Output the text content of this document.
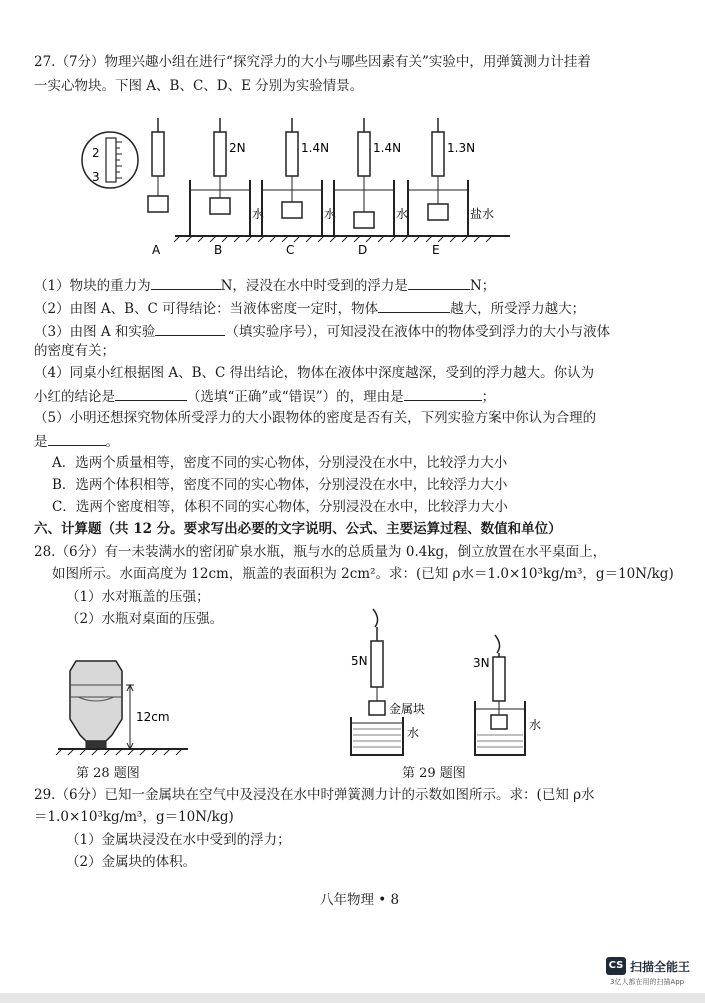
27.（7分）物理兴趣小组在进行“探究浮力的大小与哪些因素有关”实验中，用弹簧测力计挂着
一实心物块。下图 A、B、C、D、E 分别为实验情景。
2
3
A
2N
水
B
1.4N
水
C
1.4N
水
D
1.3N
盐水
E
（1）物块的重力为	N，浸没在水中时受到的浮力是	N；
（2）由图 A、B、C 可得结论：当液体密度一定时，物体	越大，所受浮力越大；
（3）由图 A 和实验	（填实验序号），可知浸没在液体中的物体受到浮力的大小与液体
的密度有关；
（4）同桌小红根据图 A、B、C 得出结论，物体在液体中深度越深，受到的浮力越大。你认为
小红的结论是	（选填“正确”或“错误”）的，理由是	；
（5）小明还想探究物体所受浮力的大小跟物体的密度是否有关，下列实验方案中你认为合理的
是	。
A．选两个质量相等，密度不同的实心物体，分别浸没在水中，比较浮力大小
B．选两个体积相等，密度不同的实心物体，分别浸没在水中，比较浮力大小
C．选两个密度相等，体积不同的实心物体，分别浸没在水中，比较浮力大小
六、计算题（共 12 分。要求写出必要的文字说明、公式、主要运算过程、数值和单位）
28.（6分）有一未装满水的密闭矿泉水瓶，瓶与水的总质量为 0.4kg，倒立放置在水平桌面上，
如图所示。水面高度为 12cm，瓶盖的表面积为 2cm²。求：(已知 ρ水＝1.0×10³kg/m³，g＝10N/kg)
（1）水对瓶盖的压强；
（2）水瓶对桌面的压强。
12cm
第 28 题图
5N
金属块
水
3N
水
第 29 题图
29.（6分）已知一金属块在空气中及浸没在水中时弹簧测力计的示数如图所示。求：(已知 ρ水
＝1.0×10³kg/m³，g＝10N/kg)
（1）金属块浸没在水中受到的浮力；
（2）金属块的体积。
八年物理 • 8
CS 扫描全能王
3亿人都在用的扫描App
